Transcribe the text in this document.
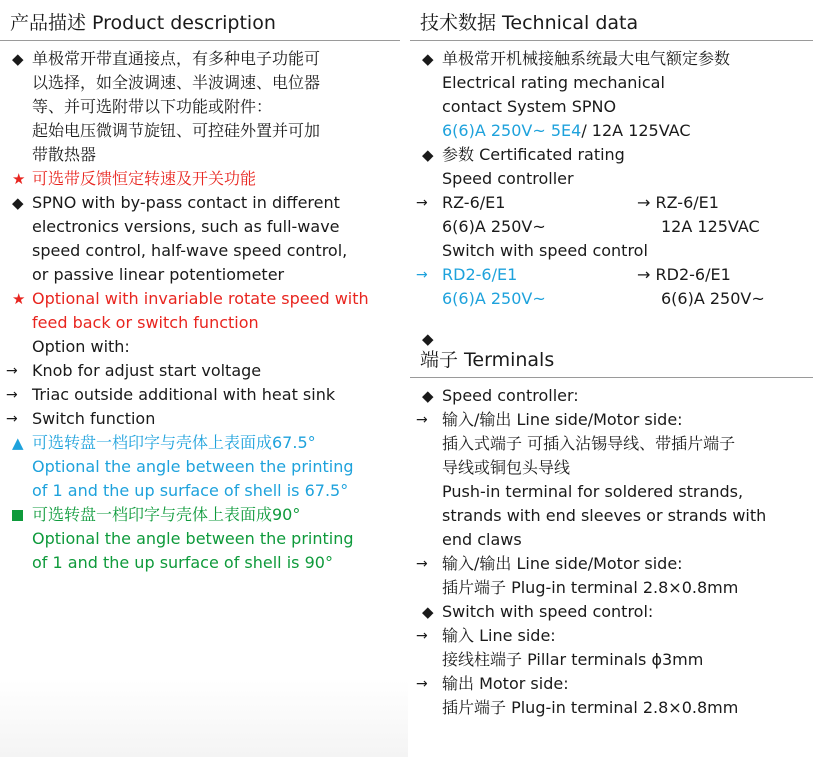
产品描述 Product description
◆ 单极常开带直通接点，有多种电子功能可
以选择，如全波调速、半波调速、电位器
等、并可选附带以下功能或附件：
起始电压微调节旋钮、可控硅外置并可加
带散热器
★ 可选带反馈恒定转速及开关功能
◆ SPNO with by-pass contact in different
electronics versions, such as full-wave
speed control, half-wave speed control,
or passive linear potentiometer
★ Optional with invariable rotate speed with
feed back or switch function
Option with:
→ Knob for adjust start voltage
→ Triac outside additional with heat sink
→ Switch function
▲ 可选转盘一档印字与壳体上表面成67.5°
Optional the angle between the printing
of 1 and the up surface of shell is 67.5°
可选转盘一档印字与壳体上表面成90°
Optional the angle between the printing
of 1 and the up surface of shell is 90°
技术数据 Technical data
◆ 单极常开机械接触系统最大电气额定参数
Electrical rating mechanical
contact System SPNO
6(6)A 250V~ 5E4/ 12A 125VAC
◆ 参数 Certificated rating
Speed controller
→ RZ-6/E1	→ RZ-6/E1
6(6)A 250V~	12A 125VAC
Switch with speed control
→ RD2-6/E1	→ RD2-6/E1
6(6)A 250V~	6(6)A 250V~
◆
端子 Terminals
◆ Speed controller:
→ 输入/输出 Line side/Motor side:
插入式端子 可插入沾锡导线、带插片端子
导线或铜包头导线
Push-in terminal for soldered strands,
strands with end sleeves or strands with
end claws
→ 输入/输出 Line side/Motor side:
插片端子 Plug-in terminal 2.8×0.8mm
◆ Switch with speed control:
→ 输入 Line side:
接线柱端子 Pillar terminals ϕ3mm
→ 输出 Motor side:
插片端子 Plug-in terminal 2.8×0.8mm
